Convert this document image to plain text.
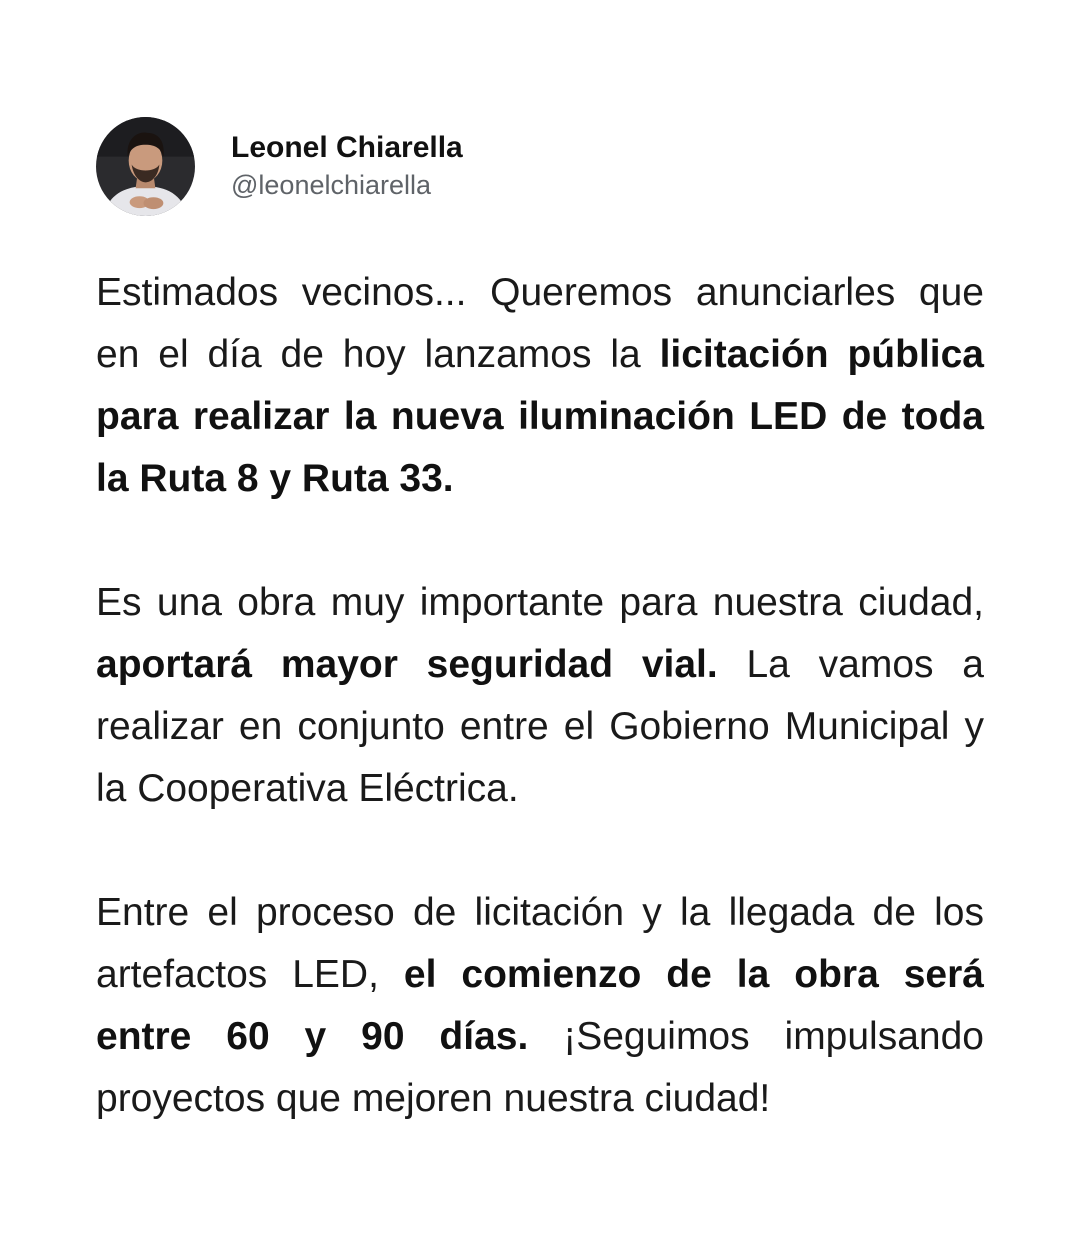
Leonel Chiarella
@leonelchiarella

Estimados vecinos... Queremos anunciarles que en el día de hoy lanzamos la licitación pública para realizar la nueva iluminación LED de toda la Ruta 8 y Ruta 33.

Es una obra muy importante para nuestra ciudad, aportará mayor seguridad vial. La vamos a realizar en conjunto entre el Gobierno Municipal y la Cooperativa Eléctrica.

Entre el proceso de licitación y la llegada de los artefactos LED, el comienzo de la obra será entre 60 y 90 días. ¡Seguimos impulsando proyectos que mejoren nuestra ciudad!
